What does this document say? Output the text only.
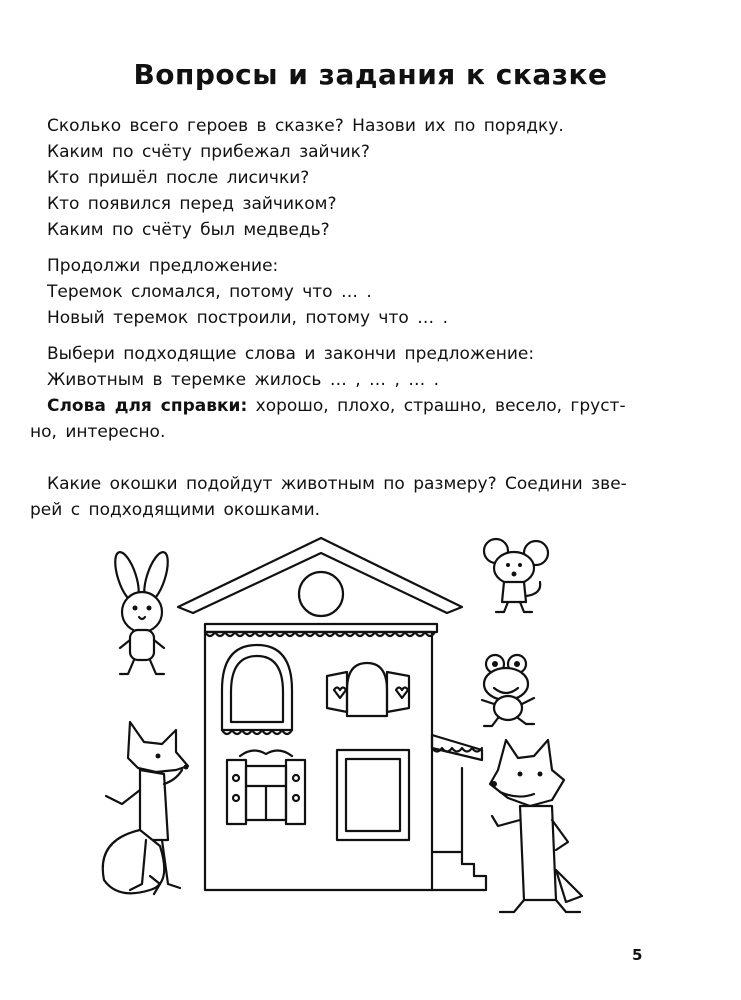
Вопросы и задания к сказке
Сколько всего героев в сказке? Назови их по порядку.
Каким по счёту прибежал зайчик?
Кто пришёл после лисички?
Кто появился перед зайчиком?
Каким по счёту был медведь?
Продолжи предложение:
Теремок сломался, потому что … .
Новый теремок построили, потому что … .
Выбери подходящие слова и закончи предложение:
Животным в теремке жилось … , … , … .
Слова для справки: хорошо, плохо, страшно, весело, груст-
но, интересно.
Какие окошки подойдут животным по размеру? Соедини зве-
рей с подходящими окошками.
5
